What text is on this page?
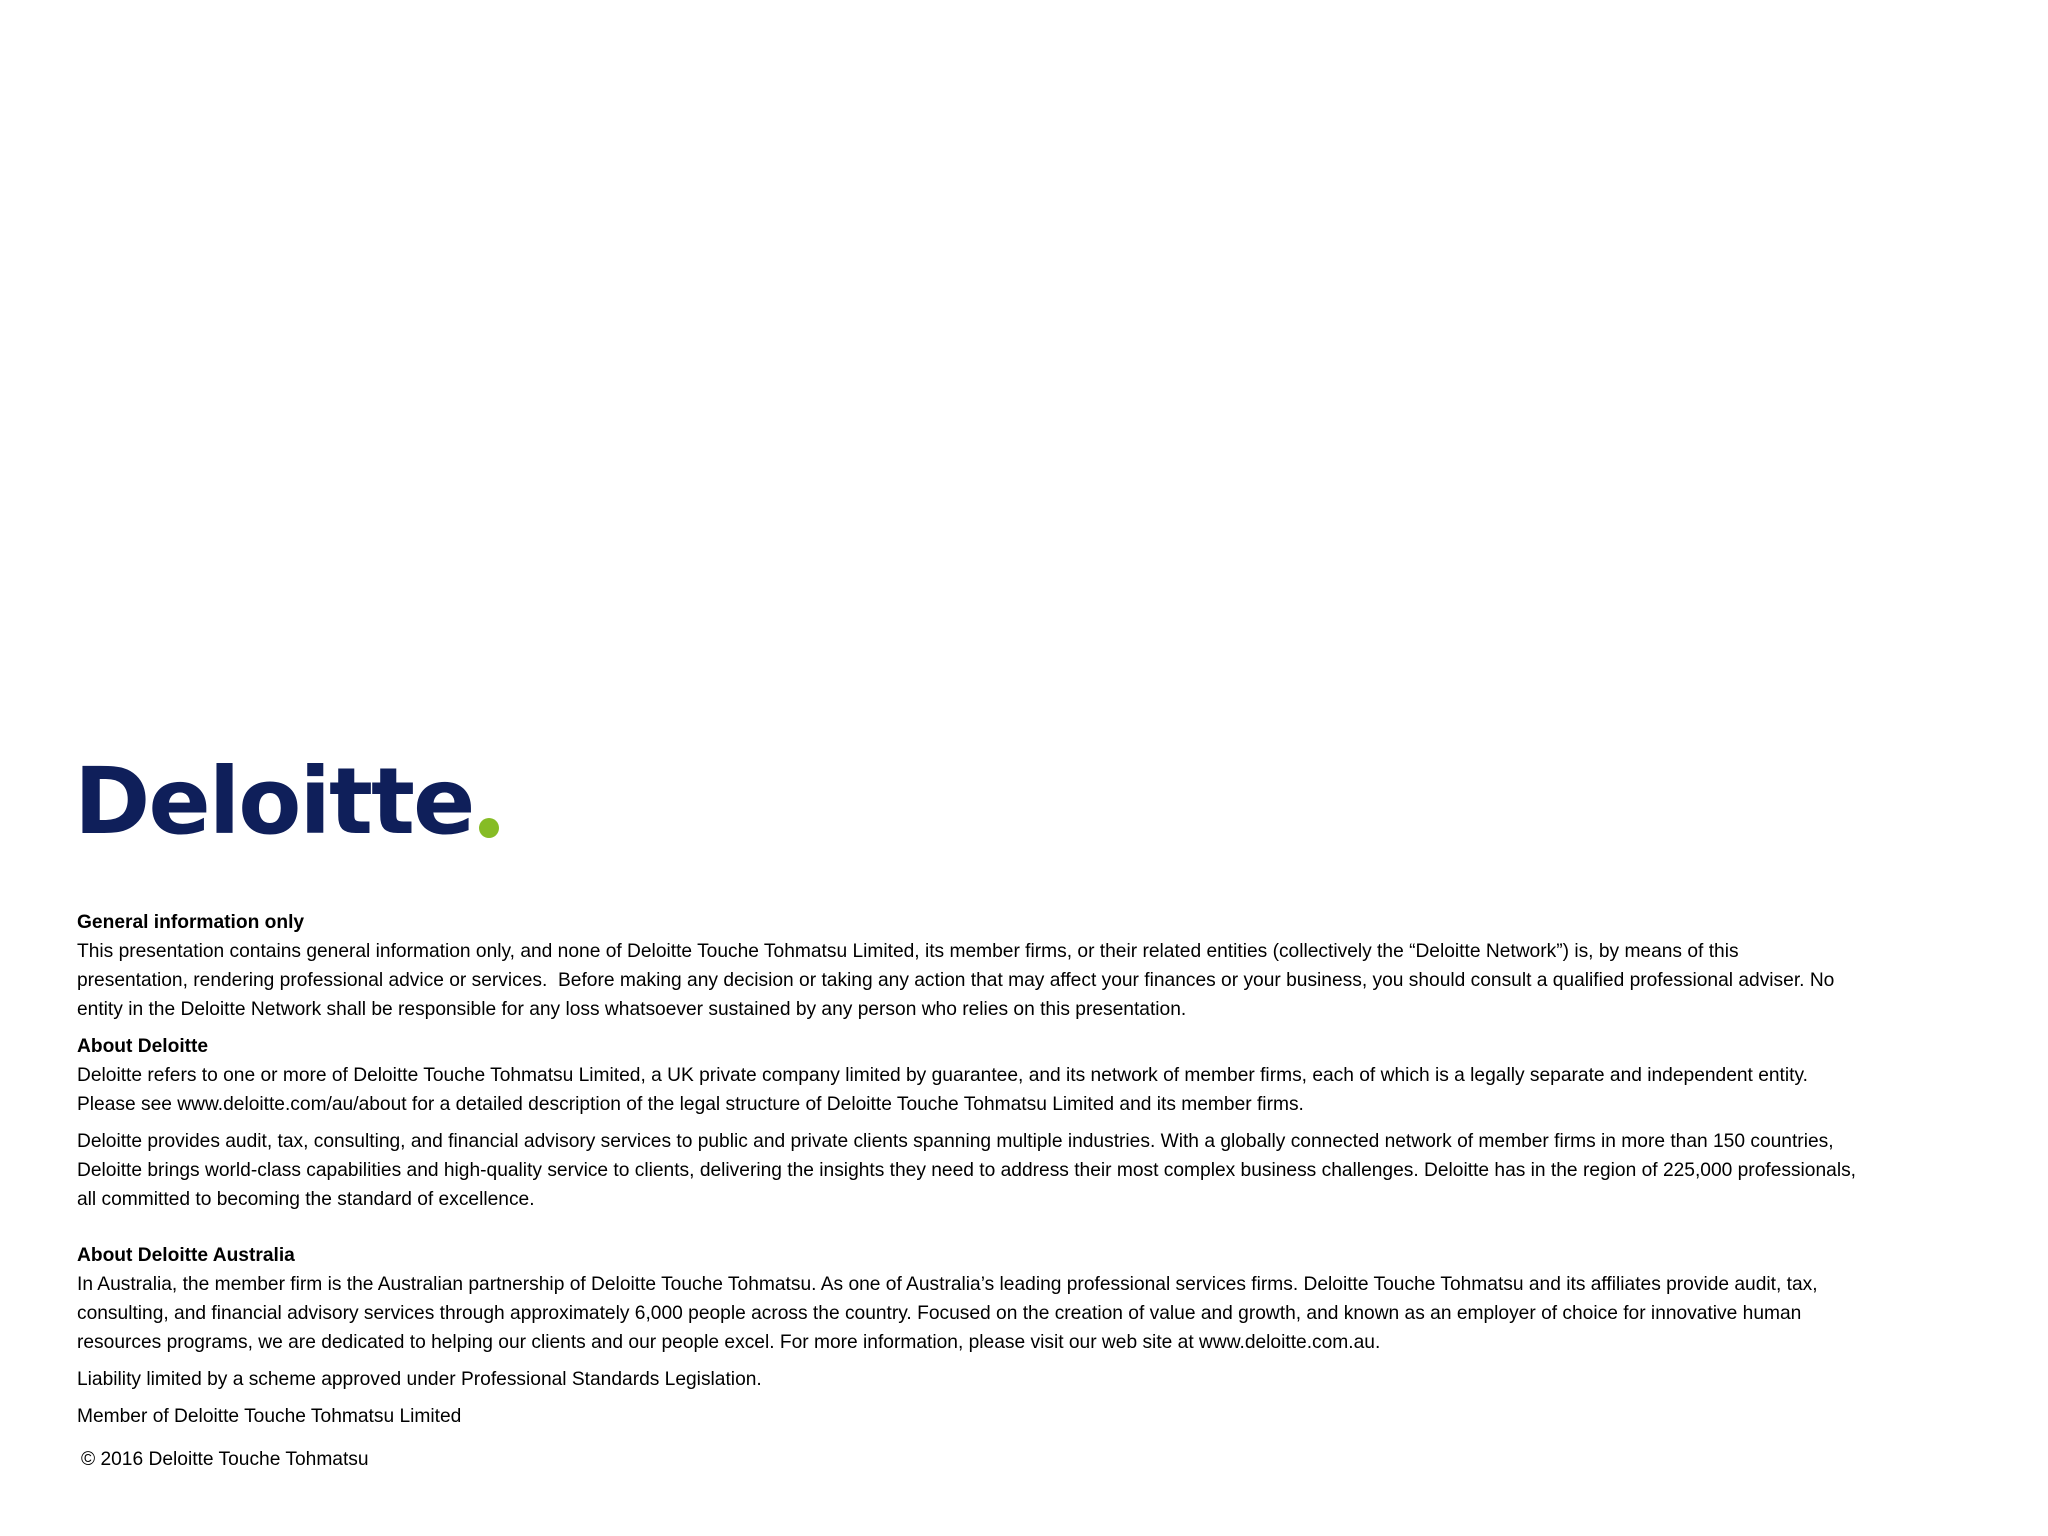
Deloitte

General information only

This presentation contains general information only, and none of Deloitte Touche Tohmatsu Limited, its member firms, or their related entities (collectively the “Deloitte Network”) is, by means of this
presentation, rendering professional advice or services.  Before making any decision or taking any action that may affect your finances or your business, you should consult a qualified professional adviser. No
entity in the Deloitte Network shall be responsible for any loss whatsoever sustained by any person who relies on this presentation.

About Deloitte

Deloitte refers to one or more of Deloitte Touche Tohmatsu Limited, a UK private company limited by guarantee, and its network of member firms, each of which is a legally separate and independent entity.
Please see www.deloitte.com/au/about for a detailed description of the legal structure of Deloitte Touche Tohmatsu Limited and its member firms.

Deloitte provides audit, tax, consulting, and financial advisory services to public and private clients spanning multiple industries. With a globally connected network of member firms in more than 150 countries,
Deloitte brings world-class capabilities and high-quality service to clients, delivering the insights they need to address their most complex business challenges. Deloitte has in the region of 225,000 professionals,
all committed to becoming the standard of excellence.

About Deloitte Australia

In Australia, the member firm is the Australian partnership of Deloitte Touche Tohmatsu. As one of Australia’s leading professional services firms. Deloitte Touche Tohmatsu and its affiliates provide audit, tax,
consulting, and financial advisory services through approximately 6,000 people across the country. Focused on the creation of value and growth, and known as an employer of choice for innovative human
resources programs, we are dedicated to helping our clients and our people excel. For more information, please visit our web site at www.deloitte.com.au.

Liability limited by a scheme approved under Professional Standards Legislation.

Member of Deloitte Touche Tohmatsu Limited

© 2016 Deloitte Touche Tohmatsu
